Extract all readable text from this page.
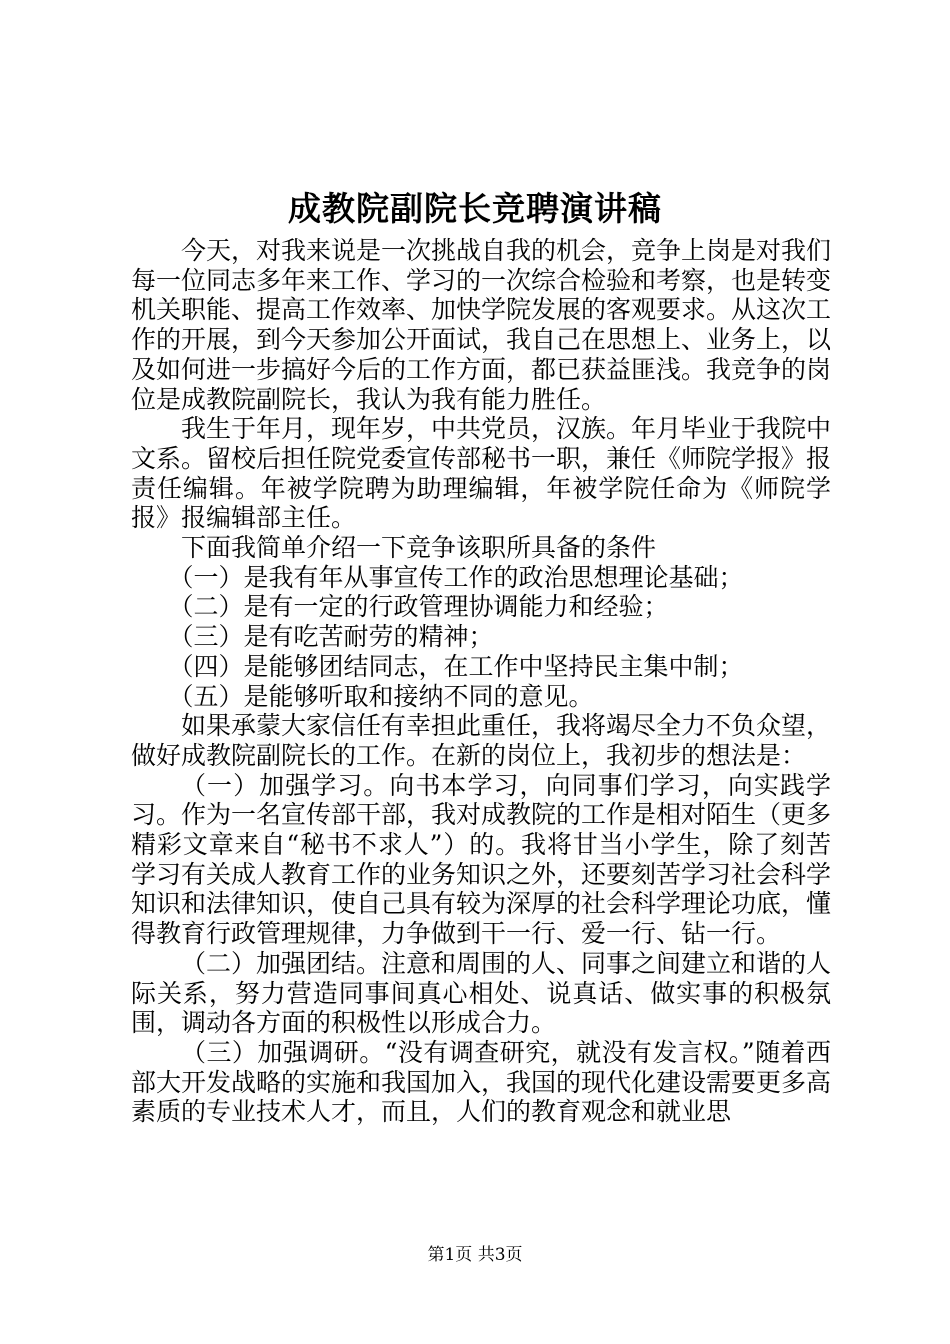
成教院副院长竞聘演讲稿

今天，对我来说是一次挑战自我的机会，竞争上岗是对我们每一位同志多年来工作、学习的一次综合检验和考察，也是转变机关职能、提高工作效率、加快学院发展的客观要求。从这次工作的开展，到今天参加公开面试，我自己在思想上、业务上，以及如何进一步搞好今后的工作方面，都已获益匪浅。我竞争的岗位是成教院副院长，我认为我有能力胜任。

我生于年月，现年岁，中共党员，汉族。年月毕业于我院中文系。留校后担任院党委宣传部秘书一职，兼任《师院学报》报责任编辑。年被学院聘为助理编辑，年被学院任命为《师院学报》报编辑部主任。

下面我简单介绍一下竞争该职所具备的条件

（一）是我有年从事宣传工作的政治思想理论基础；

（二）是有一定的行政管理协调能力和经验；

（三）是有吃苦耐劳的精神；

（四）是能够团结同志，在工作中坚持民主集中制；

（五）是能够听取和接纳不同的意见。

如果承蒙大家信任有幸担此重任，我将竭尽全力不负众望，做好成教院副院长的工作。在新的岗位上，我初步的想法是：

（一）加强学习。向书本学习，向同事们学习，向实践学习。作为一名宣传部干部，我对成教院的工作是相对陌生（更多精彩文章来自“秘书不求人”）的。我将甘当小学生，除了刻苦学习有关成人教育工作的业务知识之外，还要刻苦学习社会科学知识和法律知识，使自己具有较为深厚的社会科学理论功底，懂得教育行政管理规律，力争做到干一行、爱一行、钻一行。

（二）加强团结。注意和周围的人、同事之间建立和谐的人际关系，努力营造同事间真心相处、说真话、做实事的积极氛围，调动各方面的积极性以形成合力。

（三）加强调研。“没有调查研究，就没有发言权。”随着西部大开发战略的实施和我国加入，我国的现代化建设需要更多高素质的专业技术人才，而且，人们的教育观念和就业思

第1页 共3页
